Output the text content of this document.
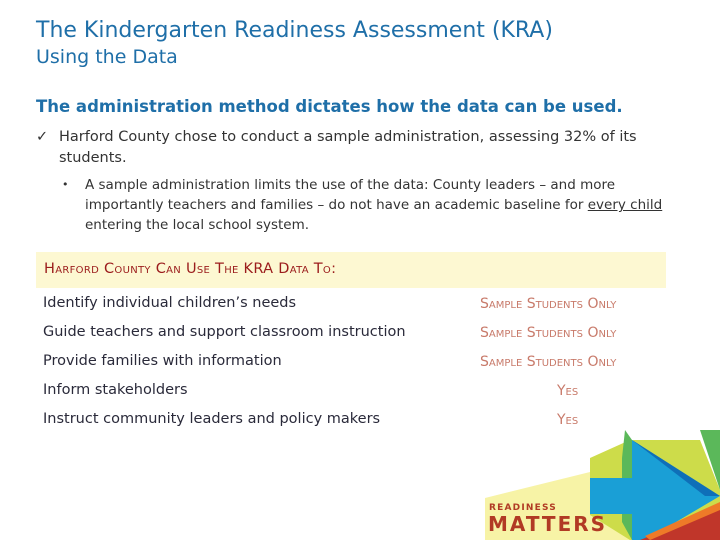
The Kindergarten Readiness Assessment (KRA)
Using the Data
The administration method dictates how the data can be used.
✓ Harford County chose to conduct a sample administration, assessing 32% of its students.
• A sample administration limits the use of the data: County leaders – and more importantly teachers and families – do not have an academic baseline for every child entering the local school system.
Harford County Can Use The KRA Data To:
Identify individual children’s needs	Sample Students Only
Guide teachers and support classroom instruction	Sample Students Only
Provide families with information	Sample Students Only
Inform stakeholders	Yes
Instruct community leaders and policy makers	Yes
READINESS
MATTERS
